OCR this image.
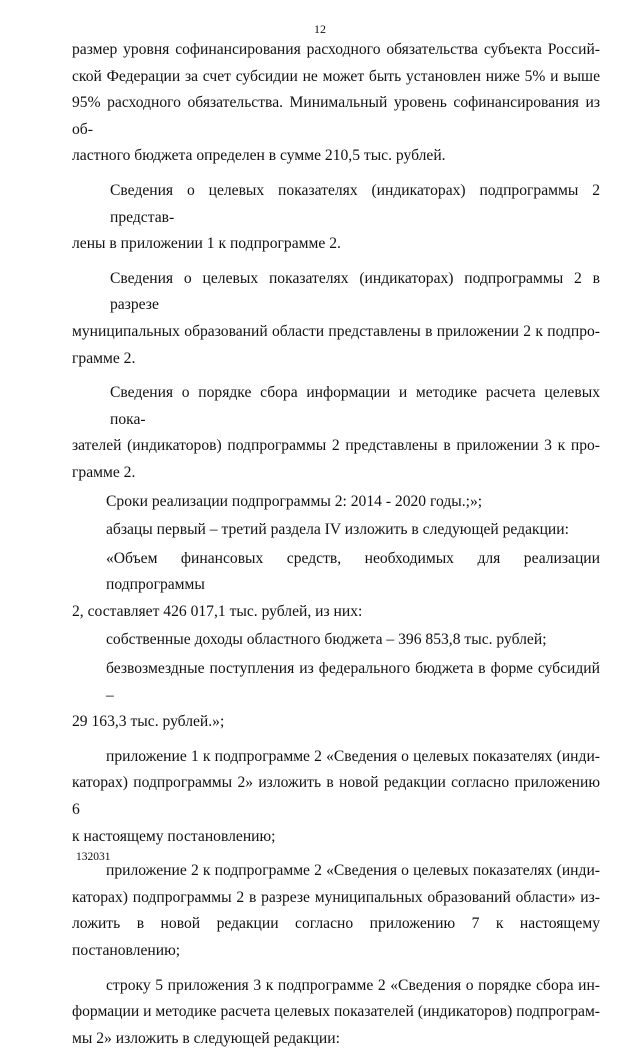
12

размер уровня софинансирования расходного обязательства субъекта Россий-
ской Федерации за счет субсидии не может быть установлен ниже 5% и выше
95% расходного обязательства. Минимальный уровень софинансирования из об-
ластного бюджета определен в сумме 210,5 тыс. рублей.

Сведения о целевых показателях (индикаторах) подпрограммы 2 представ-
лены в приложении 1 к подпрограмме 2.

Сведения о целевых показателях (индикаторах) подпрограммы 2 в разрезе
муниципальных образований области представлены в приложении 2 к подпро-
грамме 2.

Сведения о порядке сбора информации и методике расчета целевых пока-
зателей (индикаторов) подпрограммы 2 представлены в приложении 3 к про-
грамме 2.

Сроки реализации подпрограммы 2: 2014 - 2020 годы.;»;

абзацы первый – третий раздела IV изложить в следующей редакции:

«Объем финансовых средств, необходимых для реализации подпрограммы
2, составляет 426 017,1 тыс. рублей, из них:

собственные доходы областного бюджета – 396 853,8 тыс. рублей;

безвозмездные поступления из федерального бюджета в форме субсидий –
29 163,3 тыс. рублей.»;

приложение 1 к подпрограмме 2 «Сведения о целевых показателях (инди-
каторах) подпрограммы 2» изложить в новой редакции согласно приложению 6
к настоящему постановлению;

приложение 2 к подпрограмме 2 «Сведения о целевых показателях (инди-
каторах) подпрограммы 2 в разрезе муниципальных образований области» из-
ложить в новой редакции согласно приложению 7 к настоящему постановлению;

строку 5 приложения 3 к подпрограмме 2 «Сведения о порядке сбора ин-
формации и методике расчета целевых показателей (индикаторов) подпрограм-
мы 2» изложить в следующей редакции:

132031
